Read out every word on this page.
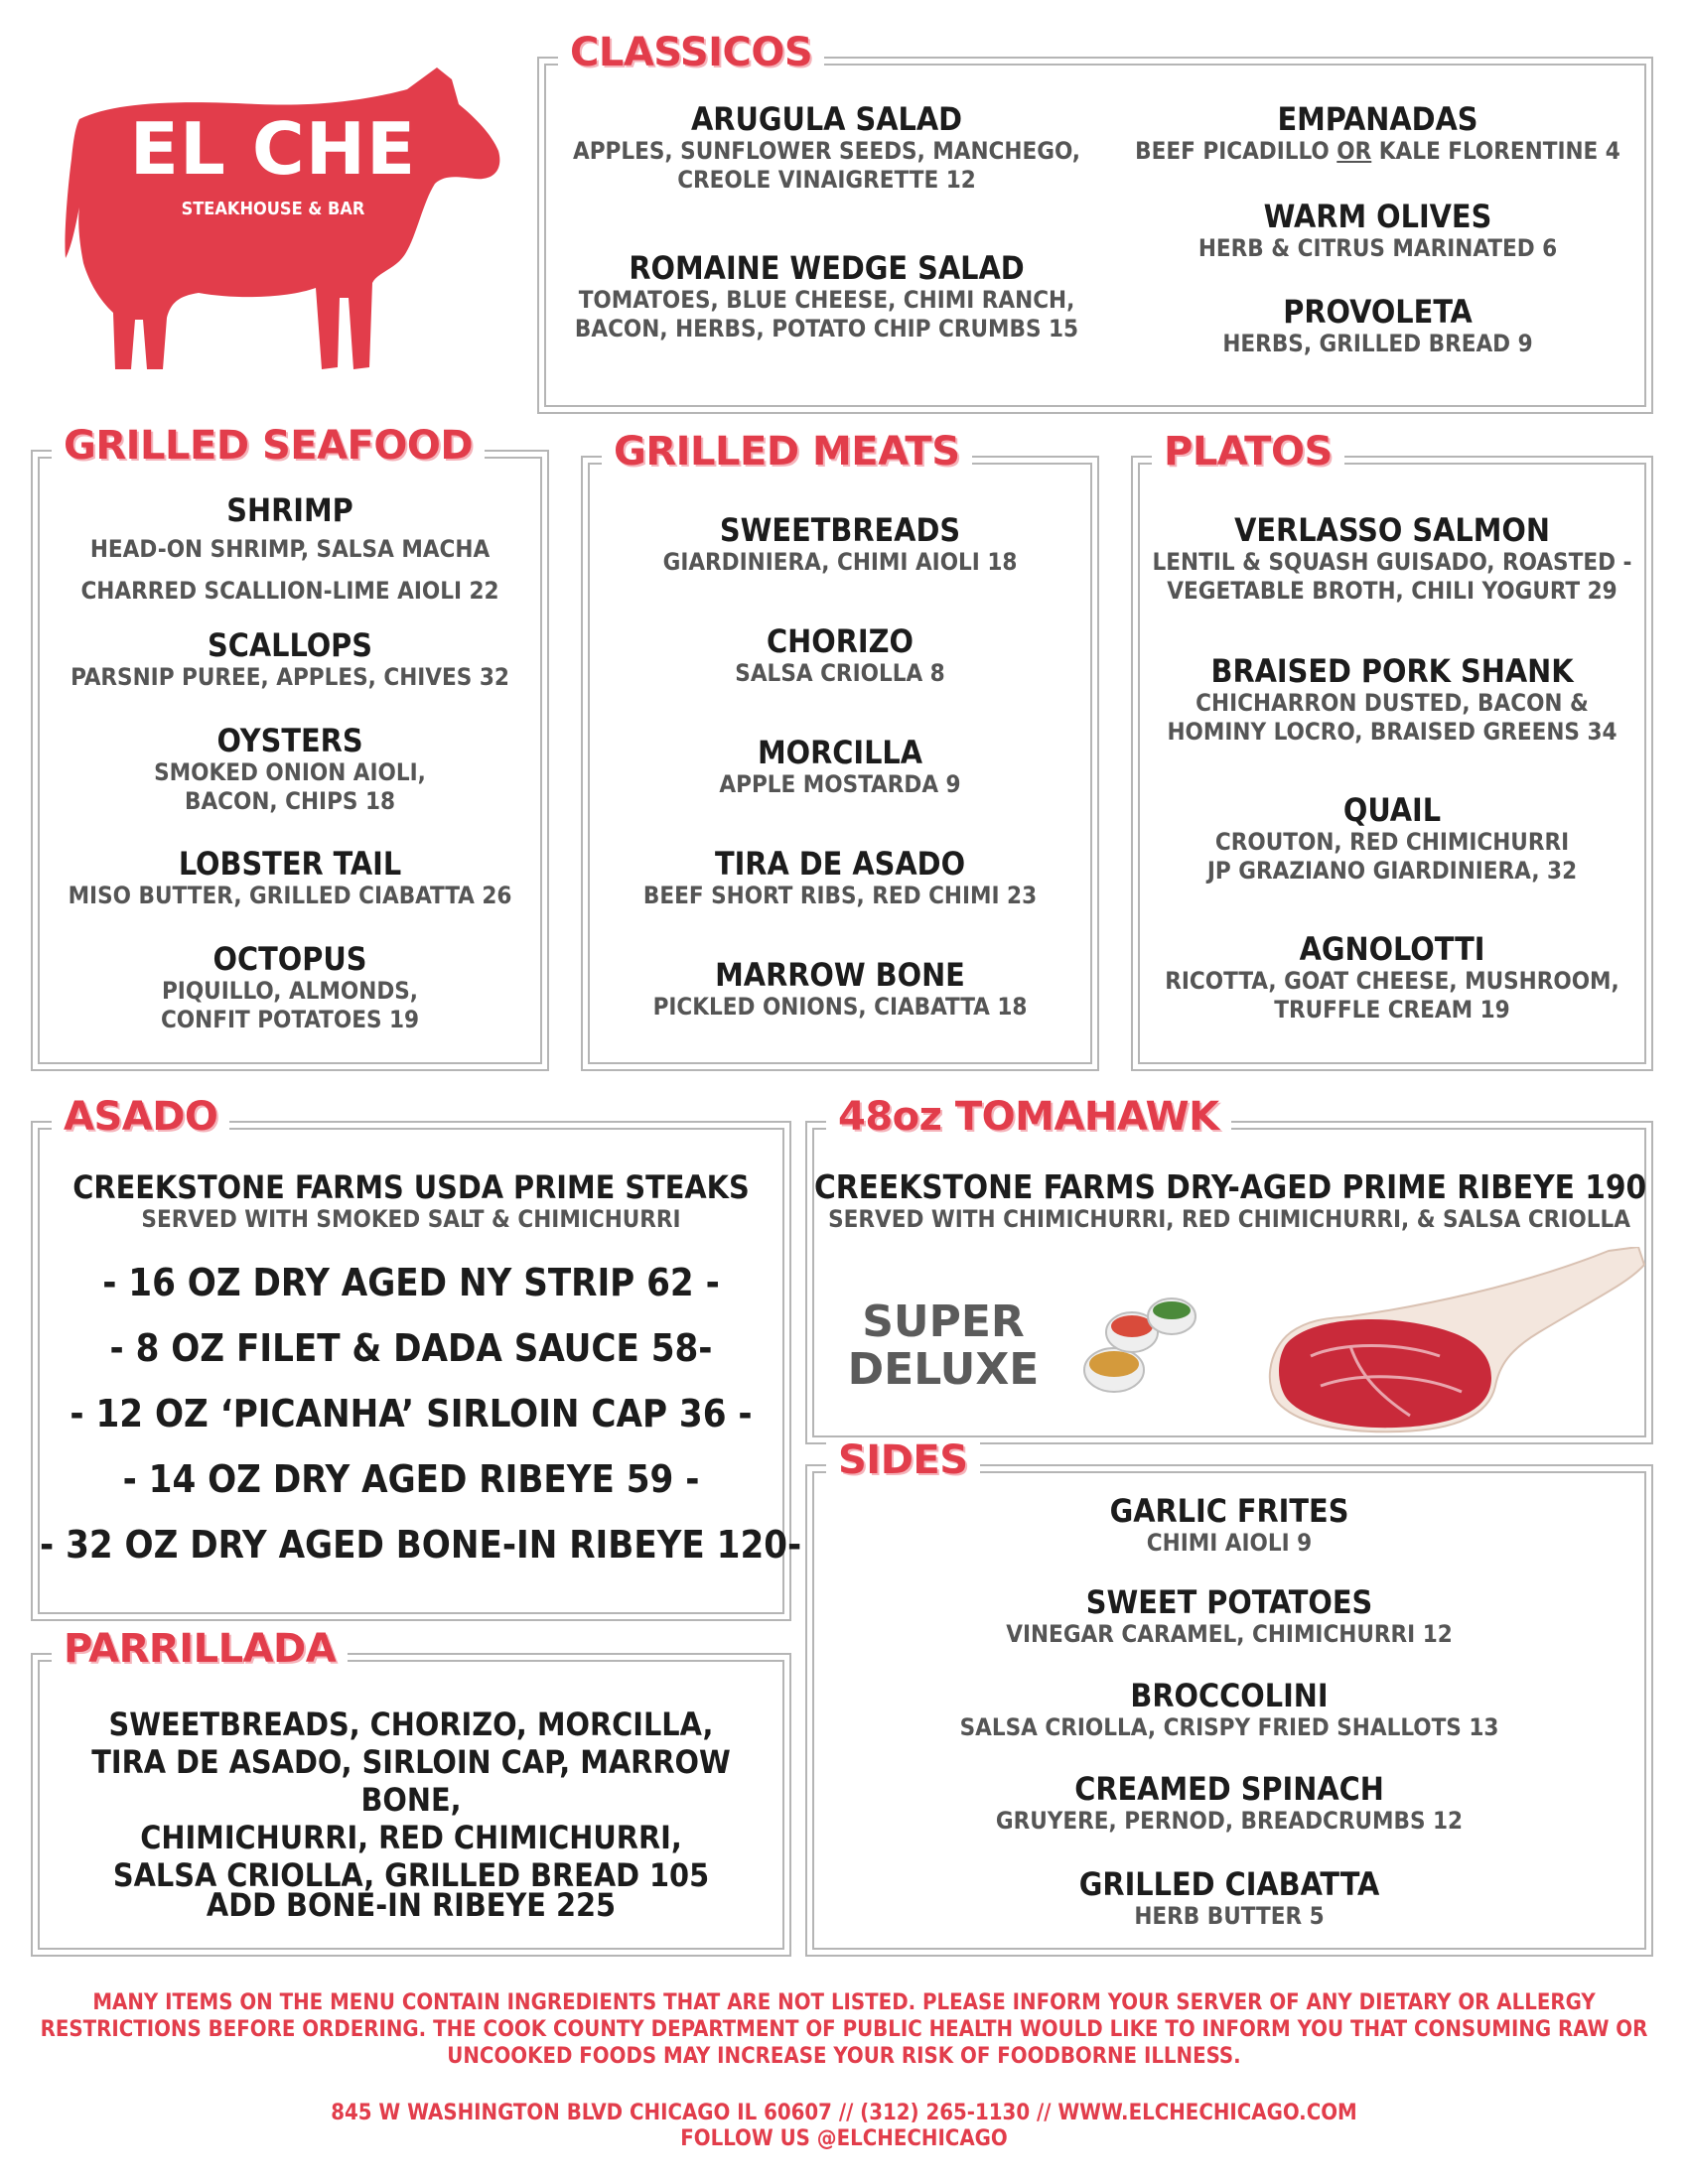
EL CHE
STEAKHOUSE & BAR
CLASSICOS
ARUGULA SALAD
APPLES, SUNFLOWER SEEDS, MANCHEGO,
CREOLE VINAIGRETTE 12
ROMAINE WEDGE SALAD
TOMATOES, BLUE CHEESE, CHIMI RANCH,
BACON, HERBS, POTATO CHIP CRUMBS 15
EMPANADAS
BEEF PICADILLO OR KALE FLORENTINE 4
WARM OLIVES
HERB & CITRUS MARINATED 6
PROVOLETA
HERBS, GRILLED BREAD 9
GRILLED SEAFOOD
SHRIMP
HEAD-ON SHRIMP, SALSA MACHA
CHARRED SCALLION-LIME AIOLI 22
SCALLOPS
PARSNIP PUREE, APPLES, CHIVES 32
OYSTERS
SMOKED ONION AIOLI,
BACON, CHIPS 18
LOBSTER TAIL
MISO BUTTER, GRILLED CIABATTA 26
OCTOPUS
PIQUILLO, ALMONDS,
CONFIT POTATOES 19
GRILLED MEATS
SWEETBREADS
GIARDINIERA, CHIMI AIOLI 18
CHORIZO
SALSA CRIOLLA 8
MORCILLA
APPLE MOSTARDA 9
TIRA DE ASADO
BEEF SHORT RIBS, RED CHIMI 23
MARROW BONE
PICKLED ONIONS, CIABATTA 18
PLATOS
VERLASSO SALMON
LENTIL & SQUASH GUISADO, ROASTED -
VEGETABLE BROTH, CHILI YOGURT 29
BRAISED PORK SHANK
CHICHARRON DUSTED, BACON &
HOMINY LOCRO, BRAISED GREENS 34
QUAIL
CROUTON, RED CHIMICHURRI
JP GRAZIANO GIARDINIERA, 32
AGNOLOTTI
RICOTTA, GOAT CHEESE, MUSHROOM,
TRUFFLE CREAM 19
ASADO
CREEKSTONE FARMS USDA PRIME STEAKS
SERVED WITH SMOKED SALT & CHIMICHURRI
- 16 OZ DRY AGED NY STRIP 62 -
- 8 OZ FILET & DADA SAUCE 58-
- 12 OZ ‘PICANHA’ SIRLOIN CAP 36 -
- 14 OZ DRY AGED RIBEYE 59 -
- 32 OZ DRY AGED BONE-IN RIBEYE 120-
48oz TOMAHAWK
CREEKSTONE FARMS DRY-AGED PRIME RIBEYE 190
SERVED WITH CHIMICHURRI, RED CHIMICHURRI, & SALSA CRIOLLA
SUPER
DELUXE
PARRILLADA
SWEETBREADS, CHORIZO, MORCILLA,
TIRA DE ASADO, SIRLOIN CAP, MARROW BONE,
CHIMICHURRI, RED CHIMICHURRI,
SALSA CRIOLLA, GRILLED BREAD 105
ADD BONE-IN RIBEYE 225
SIDES
GARLIC FRITES
CHIMI AIOLI 9
SWEET POTATOES
VINEGAR CARAMEL, CHIMICHURRI 12
BROCCOLINI
SALSA CRIOLLA, CRISPY FRIED SHALLOTS 13
CREAMED SPINACH
GRUYERE, PERNOD, BREADCRUMBS 12
GRILLED CIABATTA
HERB BUTTER 5
MANY ITEMS ON THE MENU CONTAIN INGREDIENTS THAT ARE NOT LISTED. PLEASE INFORM YOUR SERVER OF ANY DIETARY OR ALLERGY
RESTRICTIONS BEFORE ORDERING. THE COOK COUNTY DEPARTMENT OF PUBLIC HEALTH WOULD LIKE TO INFORM YOU THAT CONSUMING RAW OR
UNCOOKED FOODS MAY INCREASE YOUR RISK OF FOODBORNE ILLNESS.
845 W WASHINGTON BLVD CHICAGO IL 60607 // (312) 265-1130 // WWW.ELCHECHICAGO.COM
FOLLOW US @ELCHECHICAGO
